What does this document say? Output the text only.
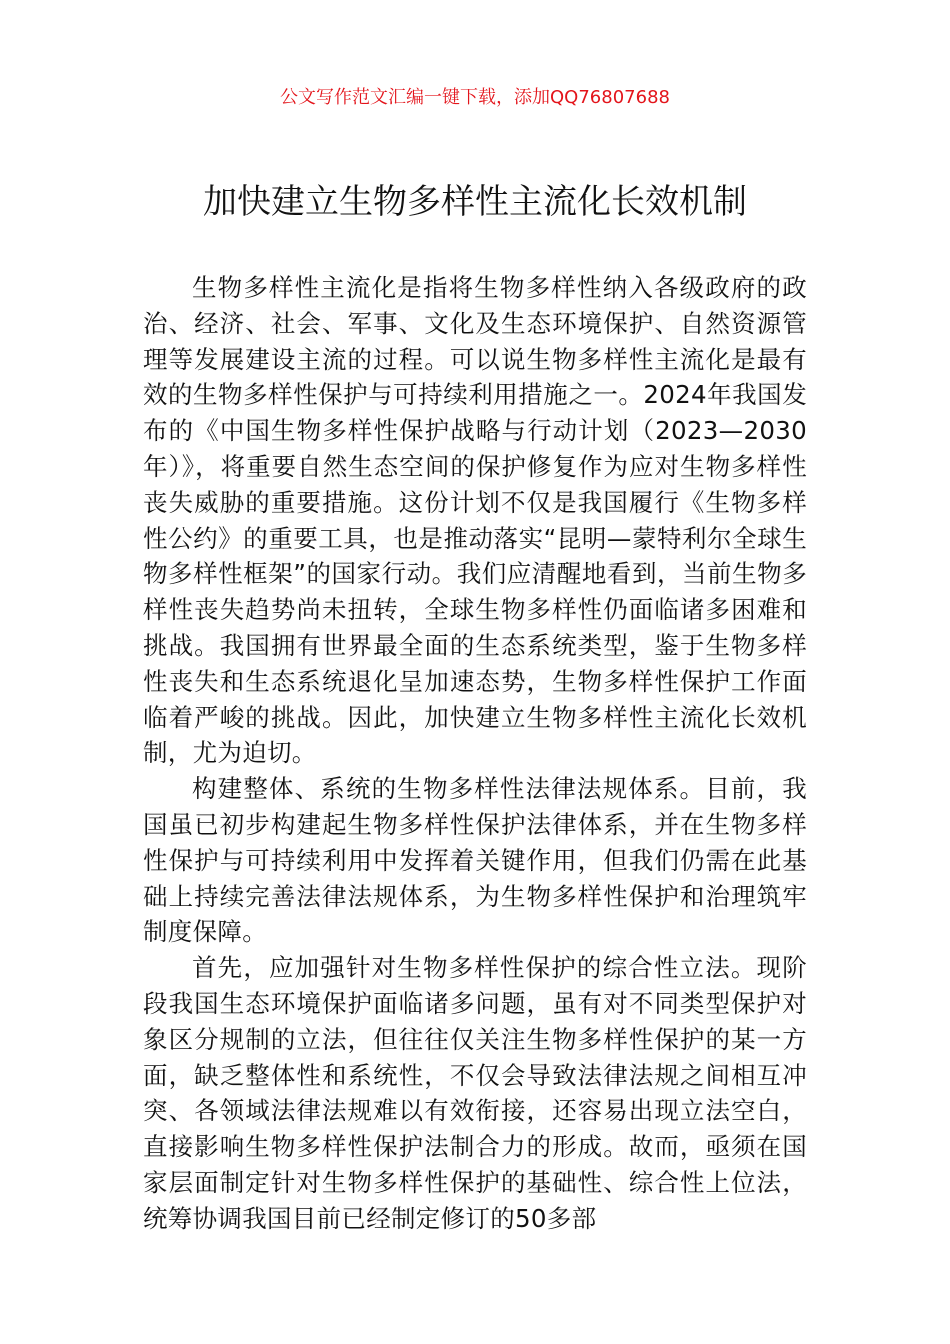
公文写作范文汇编一键下载，添加QQ76807688
加快建立生物多样性主流化长效机制

生物多样性主流化是指将生物多样性纳入各级政府的政治、经济、社会、军事、文化及生态环境保护、自然资源管理等发展建设主流的过程。可以说生物多样性主流化是最有效的生物多样性保护与可持续利用措施之一。2024年我国发布的《中国生物多样性保护战略与行动计划（2023—2030年）》，将重要自然生态空间的保护修复作为应对生物多样性丧失威胁的重要措施。这份计划不仅是我国履行《生物多样性公约》的重要工具，也是推动落实“昆明—蒙特利尔全球生物多样性框架”的国家行动。我们应清醒地看到，当前生物多样性丧失趋势尚未扭转，全球生物多样性仍面临诸多困难和挑战。我国拥有世界最全面的生态系统类型，鉴于生物多样性丧失和生态系统退化呈加速态势，生物多样性保护工作面临着严峻的挑战。因此，加快建立生物多样性主流化长效机制，尤为迫切。

构建整体、系统的生物多样性法律法规体系。目前，我国虽已初步构建起生物多样性保护法律体系，并在生物多样性保护与可持续利用中发挥着关键作用，但我们仍需在此基础上持续完善法律法规体系，为生物多样性保护和治理筑牢制度保障。

首先，应加强针对生物多样性保护的综合性立法。现阶段我国生态环境保护面临诸多问题，虽有对不同类型保护对象区分规制的立法，但往往仅关注生物多样性保护的某一方面，缺乏整体性和系统性，不仅会导致法律法规之间相互冲突、各领域法律法规难以有效衔接，还容易出现立法空白，直接影响生物多样性保护法制合力的形成。故而，亟须在国家层面制定针对生物多样性保护的基础性、综合性上位法，统筹协调我国目前已经制定修订的50多部
